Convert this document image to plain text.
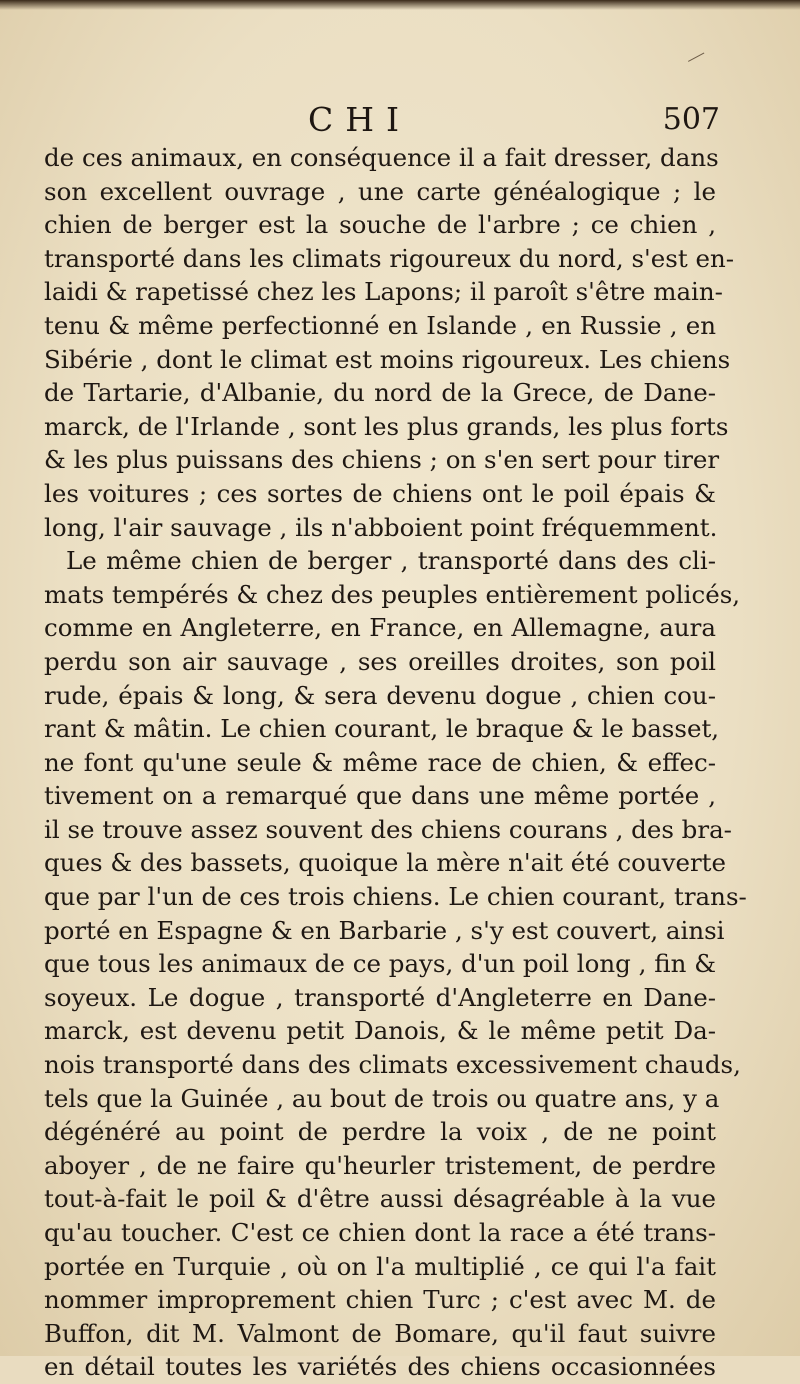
CHI	507
de ces animaux, en conséquence il a fait dresser, dans
son excellent ouvrage , une carte généalogique ; le
chien de berger est la souche de l'arbre ; ce chien ,
transporté dans les climats rigoureux du nord, s'est en-
laidi & rapetissé chez les Lapons; il paroît s'être main-
tenu & même perfectionné en Islande , en Russie , en
Sibérie , dont le climat est moins rigoureux. Les chiens
de Tartarie, d'Albanie, du nord de la Grece, de Dane-
marck, de l'Irlande , sont les plus grands, les plus forts
& les plus puissans des chiens ; on s'en sert pour tirer
les voitures ; ces sortes de chiens ont le poil épais &
long, l'air sauvage , ils n'abboient point fréquemment.
Le même chien de berger , transporté dans des cli-
mats tempérés & chez des peuples entièrement policés,
comme en Angleterre, en France, en Allemagne, aura
perdu son air sauvage , ses oreilles droites, son poil
rude, épais & long, & sera devenu dogue , chien cou-
rant & mâtin. Le chien courant, le braque & le basset,
ne font qu'une seule & même race de chien, & effec-
tivement on a remarqué que dans une même portée ,
il se trouve assez souvent des chiens courans , des bra-
ques & des bassets, quoique la mère n'ait été couverte
que par l'un de ces trois chiens. Le chien courant, trans-
porté en Espagne & en Barbarie , s'y est couvert, ainsi
que tous les animaux de ce pays, d'un poil long , fin &
soyeux. Le dogue , transporté d'Angleterre en Dane-
marck, est devenu petit Danois, & le même petit Da-
nois transporté dans des climats excessivement chauds,
tels que la Guinée , au bout de trois ou quatre ans, y a
dégénéré au point de perdre la voix , de ne point
aboyer , de ne faire qu'heurler tristement, de perdre
tout-à-fait le poil & d'être aussi désagréable à la vue
qu'au toucher. C'est ce chien dont la race a été trans-
portée en Turquie , où on l'a multiplié , ce qui l'a fait
nommer improprement chien Turc ; c'est avec M. de
Buffon, dit M. Valmont de Bomare, qu'il faut suivre
en détail toutes les variétés des chiens occasionnées
